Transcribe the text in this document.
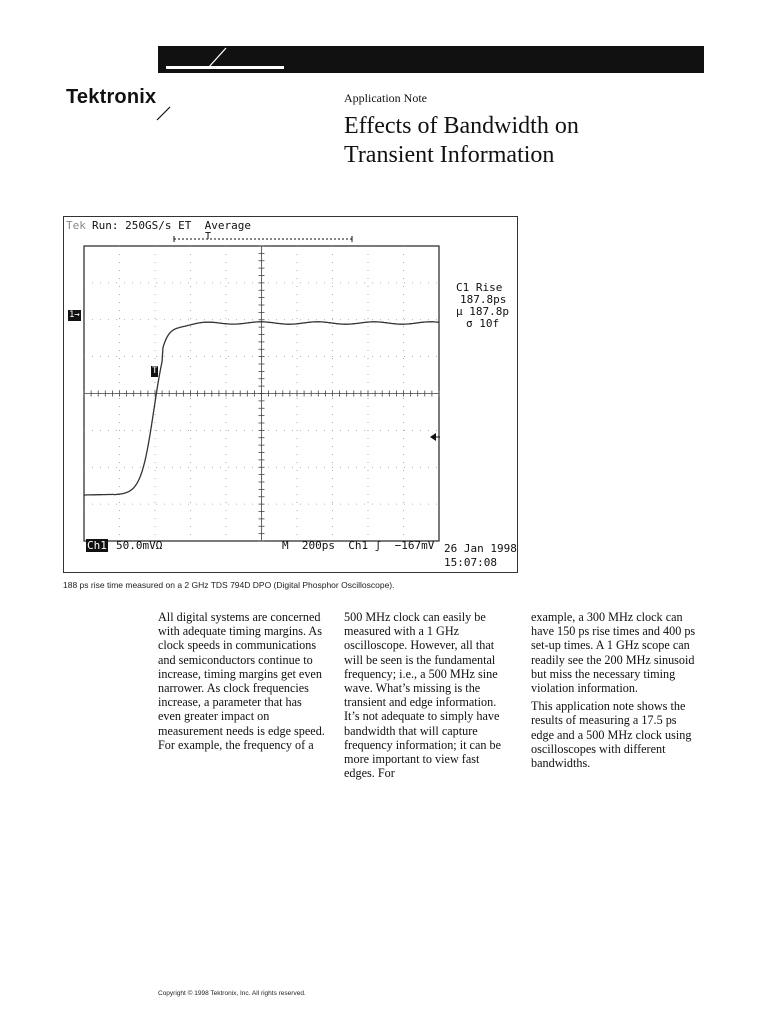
Tektronix	Application Note
Effects of Bandwidth on
Transient Information
Tek Run: 250GS/s ET  Average
T
1→
T
C1 Rise
187.8ps
μ 187.8p
σ 10f
Ch1 50.0mVΩ	M  200ps  Ch1 ʃ  −167mV 26 Jan 1998
15:07:08
188 ps rise time measured on a 2 GHz TDS 794D DPO (Digital Phosphor Oscilloscope).

All digital systems are concerned with adequate timing margins. As clock speeds in communications and semiconductors continue to increase, timing margins get even narrower. As clock frequencies increase, a parameter that has even greater impact on measurement needs is edge speed. For example, the frequency of a

500 MHz clock can easily be measured with a 1 GHz oscilloscope. However, all that will be seen is the fundamental frequency; i.e., a 500 MHz sine wave. What’s missing is the transient and edge information. It’s not adequate to simply have bandwidth that will capture frequency information; it can be more important to view fast edges. For

example, a 300 MHz clock can have 150 ps rise times and 400 ps set-up times. A 1 GHz scope can readily see the 200 MHz sinusoid but miss the necessary timing violation information.

This application note shows the results of measuring a 17.5 ps edge and a 500 MHz clock using oscilloscopes with different bandwidths.

Copyright © 1998 Tektronix, Inc. All rights reserved.
